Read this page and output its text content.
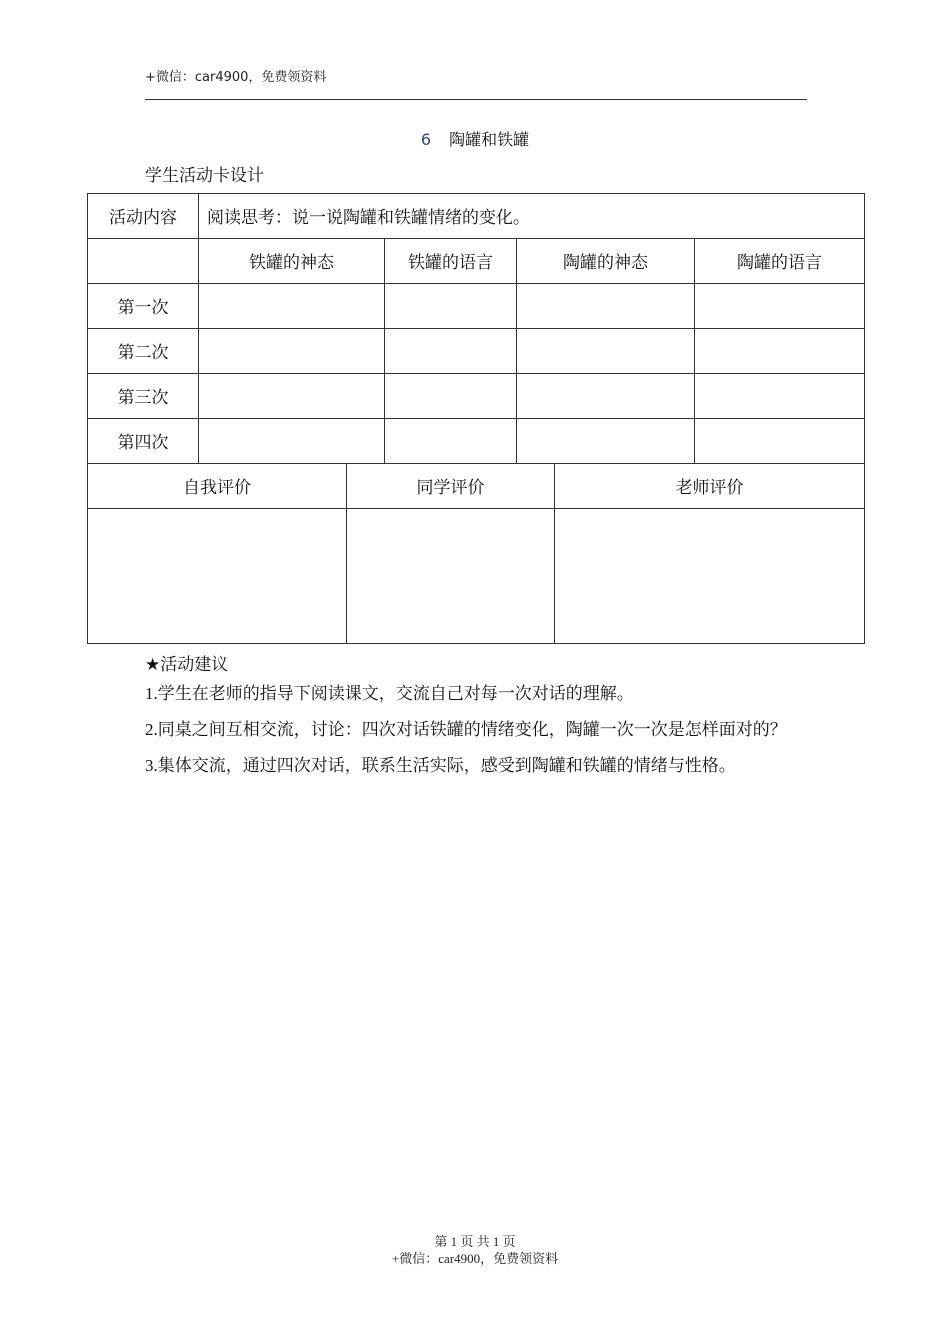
+微信：car4900，免费领资料
6 陶罐和铁罐
学生活动卡设计
活动内容	阅读思考：说一说陶罐和铁罐情绪的变化。					

	铁罐的神态		铁罐的语言	陶罐的神态		陶罐的语言

第一次						

第二次						

第三次						

第四次						

自我评价		同学评价			老师评价	

★活动建议

1.学生在老师的指导下阅读课文，交流自己对每一次对话的理解。

2.同桌之间互相交流，讨论：四次对话铁罐的情绪变化，陶罐一次一次是怎样面对的？

3.集体交流，通过四次对话，联系生活实际，感受到陶罐和铁罐的情绪与性格。

第 1 页 共 1 页
+微信：car4900，免费领资料
